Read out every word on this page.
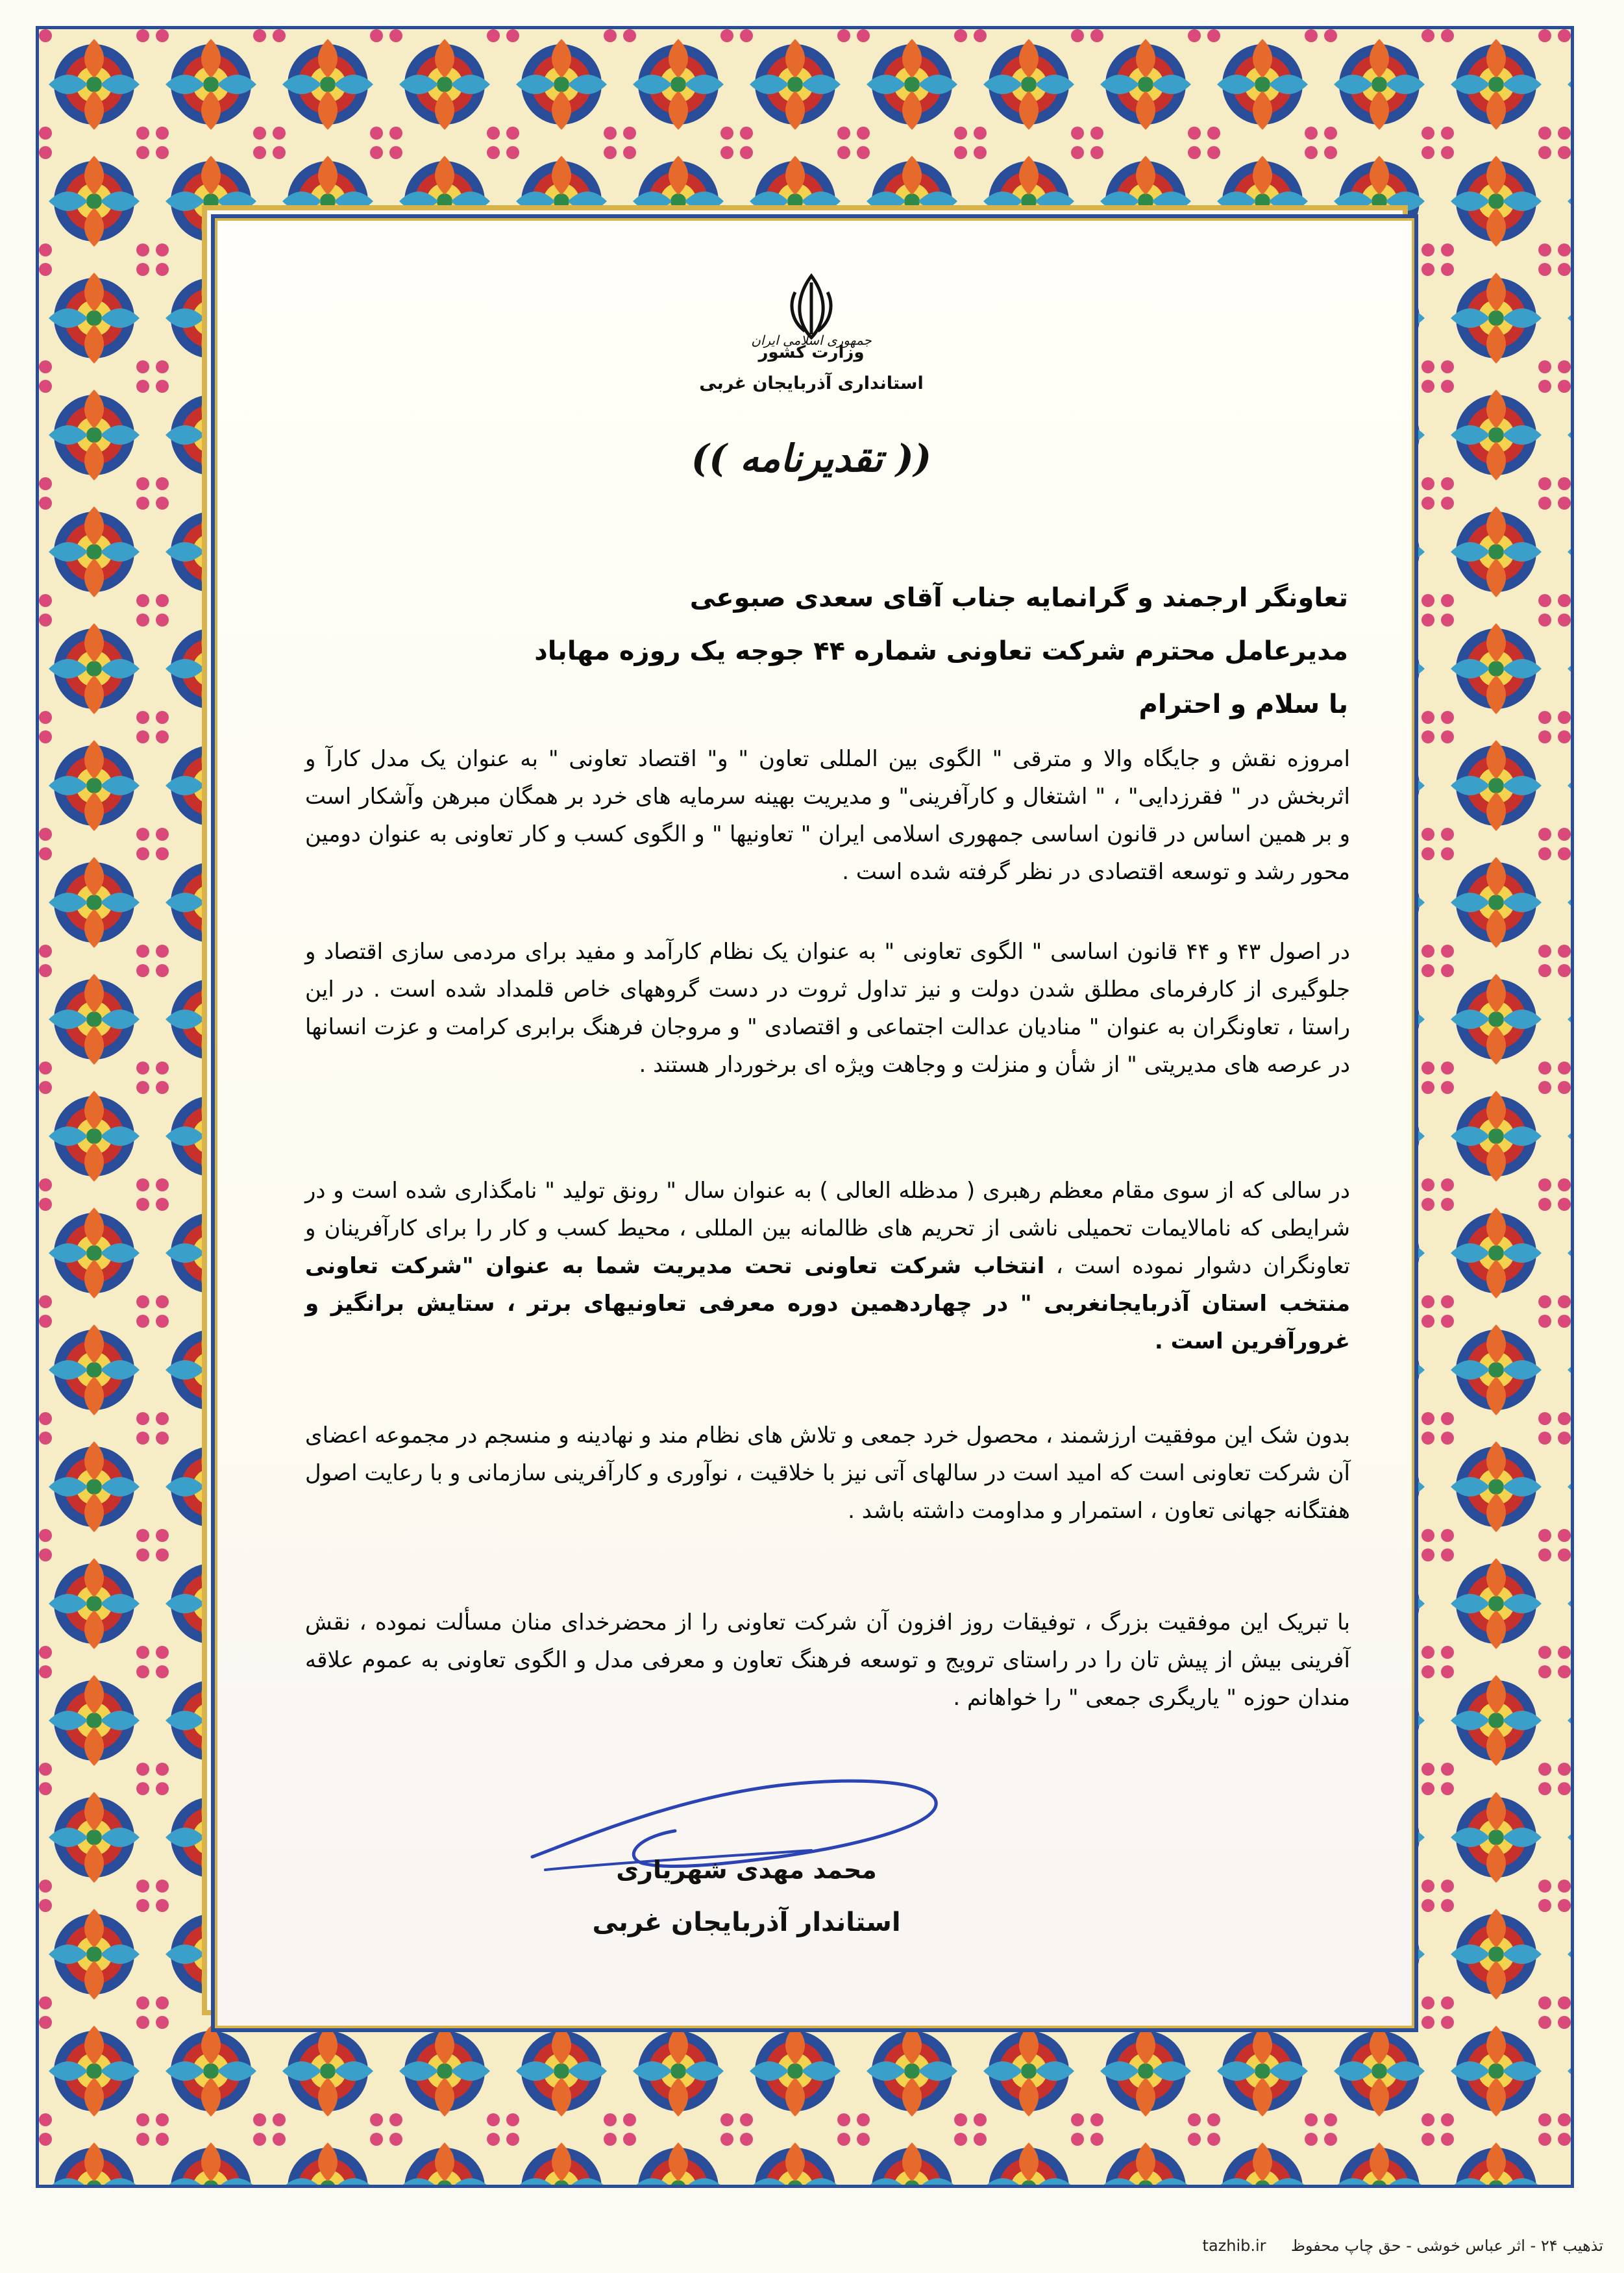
جمهوری اسلامی ایران
وزارت کشور
استانداری آذربایجان غربی
(( تقدیرنامه ))
تعاونگر ارجمند و گرانمایه جناب آقای سعدی صبوعی
مدیرعامل محترم شرکت تعاونی شماره ۴۴ جوجه یک روزه مهاباد
با سلام و احترام
امروزه نقش و جایگاه والا و مترقی " الگوی بین المللی تعاون " و" اقتصاد تعاونی " به عنوان یک مدل کارآ و اثربخش در " فقرزدایی" ، " اشتغال و کارآفرینی" و مدیریت بهینه سرمایه های خرد بر همگان مبرهن وآشکار است و بر همین اساس در قانون اساسی جمهوری اسلامی ایران " تعاونیها " و الگوی کسب و کار تعاونی به عنوان دومین محور رشد و توسعه اقتصادی در نظر گرفته شده است .
در اصول ۴۳ و ۴۴ قانون اساسی " الگوی تعاونی " به عنوان یک نظام کارآمد و مفید برای مردمی سازی اقتصاد و جلوگیری از کارفرمای مطلق شدن دولت و نیز تداول ثروت در دست گروههای خاص قلمداد شده است . در این راستا ، تعاونگران به عنوان " منادیان عدالت اجتماعی و اقتصادی " و مروجان فرهنگ برابری کرامت و عزت انسانها در عرصه های مدیریتی " از شأن و منزلت و وجاهت ویژه ای برخوردار هستند .
در سالی که از سوی مقام معظم رهبری ( مدظله العالی ) به عنوان سال " رونق تولید " نامگذاری شده است و در شرایطی که نامالایمات تحمیلی ناشی از تحریم های ظالمانه بین المللی ، محیط کسب و کار را برای کارآفرینان و تعاونگران دشوار نموده است ، انتخاب شرکت تعاونی تحت مدیریت شما به عنوان "شرکت تعاونی منتخب استان آذربایجانغربی " در چهاردهمین دوره معرفی تعاونیهای برتر ، ستایش برانگیز و غرورآفرین است .
بدون شک این موفقیت ارزشمند ، محصول خرد جمعی و تلاش های نظام مند و نهادینه و منسجم در مجموعه اعضای آن شرکت تعاونی است که امید است در سالهای آتی نیز با خلاقیت ، نوآوری و کارآفرینی سازمانی و با رعایت اصول هفتگانه جهانی تعاون ، استمرار و مداومت داشته باشد .
با تبریک این موفقیت بزرگ ، توفیقات روز افزون آن شرکت تعاونی را از محضرخدای منان مسألت نموده ، نقش آفرینی بیش از پیش تان را در راستای ترویج و توسعه فرهنگ تعاون و معرفی مدل و الگوی تعاونی به عموم علاقه مندان حوزه " یاریگری جمعی " را خواهانم .
محمد مهدی شهریاری
استاندار آذربایجان غربی
تذهیب ۲۴ - اثر عباس خوشی - حق چاپ محفوظ     tazhib.ir
